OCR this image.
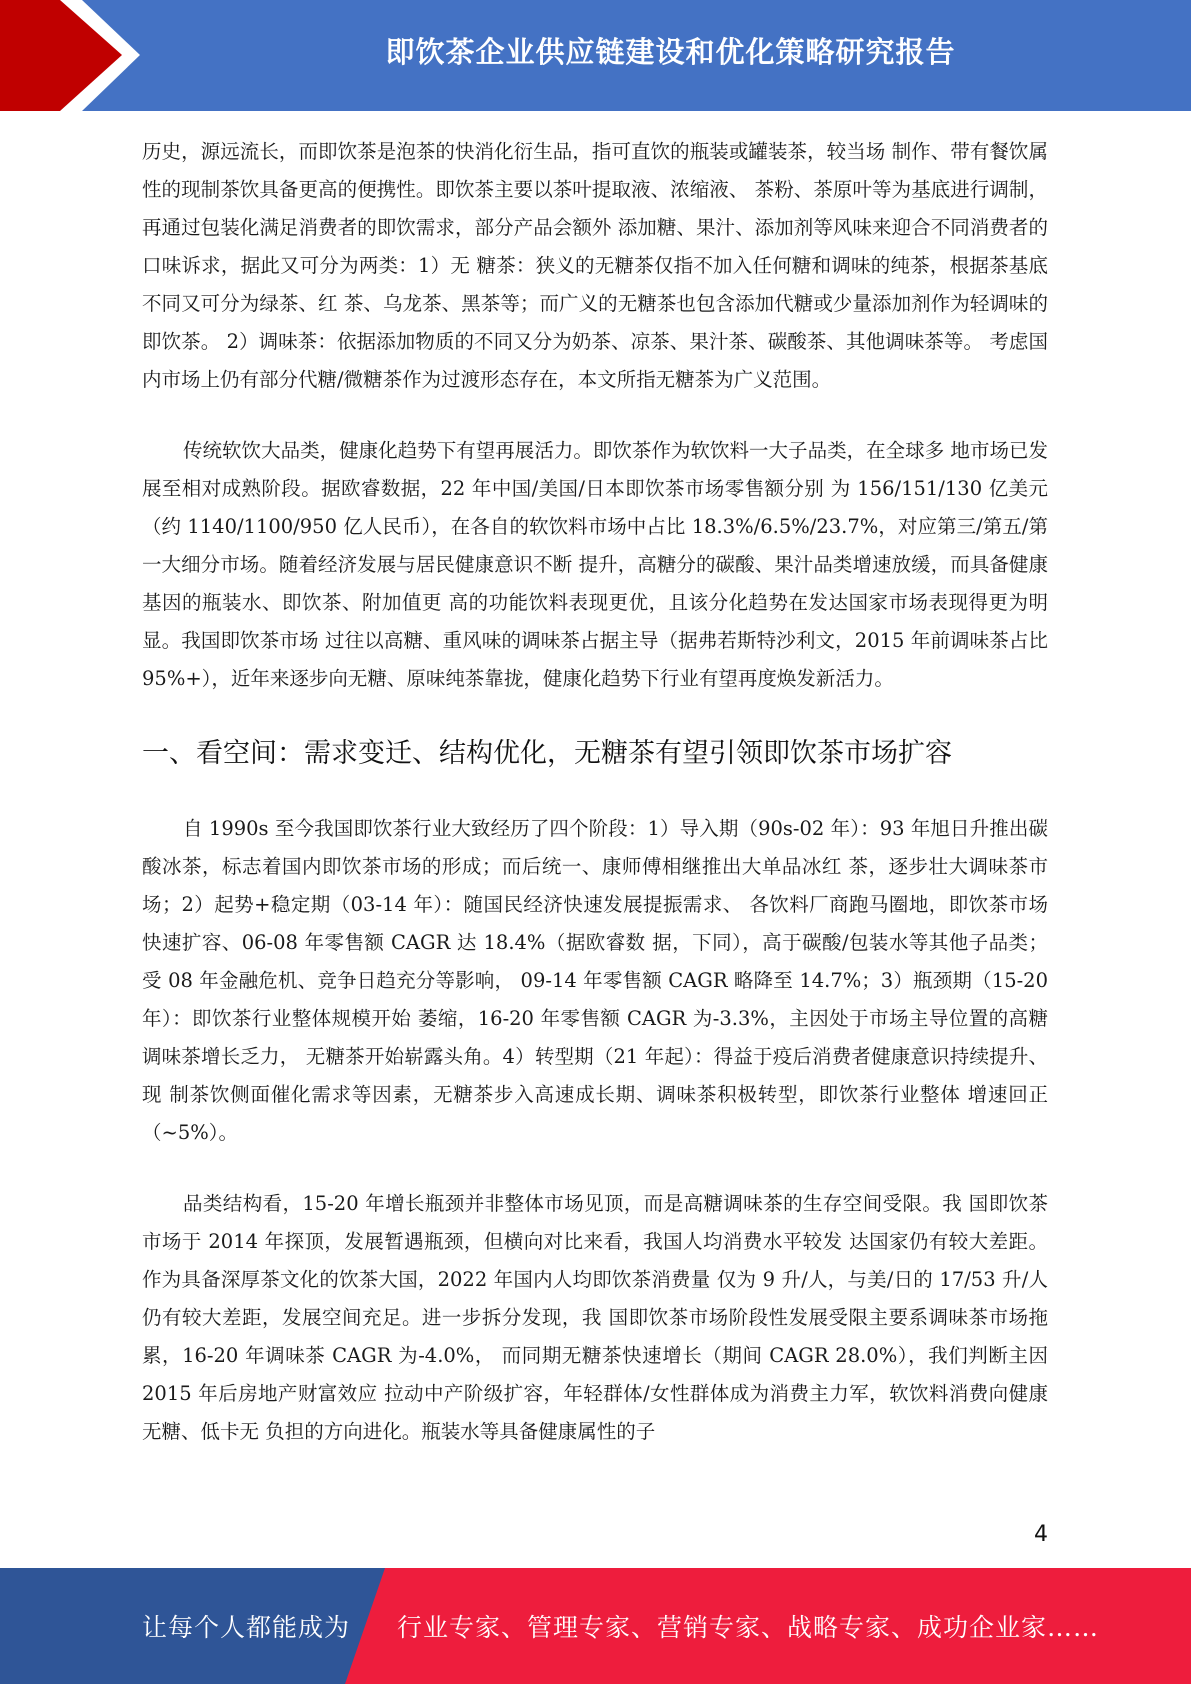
即饮茶企业供应链建设和优化策略研究报告

历史，源远流长，而即饮茶是泡茶的快消化衍生品，指可直饮的瓶装或罐装茶，较当场 制作、带有餐饮属性的现制茶饮具备更高的便携性。即饮茶主要以茶叶提取液、浓缩液、 茶粉、茶原叶等为基底进行调制，再通过包装化满足消费者的即饮需求，部分产品会额外 添加糖、果汁、添加剂等风味来迎合不同消费者的口味诉求，据此又可分为两类：1）无 糖茶：狭义的无糖茶仅指不加入任何糖和调味的纯茶，根据茶基底不同又可分为绿茶、红 茶、乌龙茶、黑茶等；而广义的无糖茶也包含添加代糖或少量添加剂作为轻调味的即饮茶。 2）调味茶：依据添加物质的不同又分为奶茶、凉茶、果汁茶、碳酸茶、其他调味茶等。 考虑国内市场上仍有部分代糖/微糖茶作为过渡形态存在，本文所指无糖茶为广义范围。

传统软饮大品类，健康化趋势下有望再展活力。即饮茶作为软饮料一大子品类，在全球多 地市场已发展至相对成熟阶段。据欧睿数据，22 年中国/美国/日本即饮茶市场零售额分别 为 156/151/130 亿美元（约 1140/1100/950 亿人民币），在各自的软饮料市场中占比 18.3%/6.5%/23.7%，对应第三/第五/第一大细分市场。随着经济发展与居民健康意识不断 提升，高糖分的碳酸、果汁品类增速放缓，而具备健康基因的瓶装水、即饮茶、附加值更 高的功能饮料表现更优，且该分化趋势在发达国家市场表现得更为明显。我国即饮茶市场 过往以高糖、重风味的调味茶占据主导（据弗若斯特沙利文，2015 年前调味茶占比 95%+），近年来逐步向无糖、原味纯茶靠拢，健康化趋势下行业有望再度焕发新活力。

一、看空间：需求变迁、结构优化，无糖茶有望引领即饮茶市场扩容

自 1990s 至今我国即饮茶行业大致经历了四个阶段：1）导入期（90s-02 年）：93 年旭日升推出碳酸冰茶，标志着国内即饮茶市场的形成；而后统一、康师傅相继推出大单品冰红 茶，逐步壮大调味茶市场；2）起势+稳定期（03-14 年）：随国民经济快速发展提振需求、 各饮料厂商跑马圈地，即饮茶市场快速扩容、06-08 年零售额 CAGR 达 18.4%（据欧睿数 据，下同），高于碳酸/包装水等其他子品类；受 08 年金融危机、竞争日趋充分等影响， 09-14 年零售额 CAGR 略降至 14.7%；3）瓶颈期（15-20 年）：即饮茶行业整体规模开始 萎缩，16-20 年零售额 CAGR 为-3.3%，主因处于市场主导位置的高糖调味茶增长乏力， 无糖茶开始崭露头角。4）转型期（21 年起）：得益于疫后消费者健康意识持续提升、现 制茶饮侧面催化需求等因素，无糖茶步入高速成长期、调味茶积极转型，即饮茶行业整体 增速回正（~5%）。

品类结构看，15-20 年增长瓶颈并非整体市场见顶，而是高糖调味茶的生存空间受限。我 国即饮茶市场于 2014 年探顶，发展暂遇瓶颈，但横向对比来看，我国人均消费水平较发 达国家仍有较大差距。作为具备深厚茶文化的饮茶大国，2022 年国内人均即饮茶消费量 仅为 9 升/人，与美/日的 17/53 升/人仍有较大差距，发展空间充足。进一步拆分发现，我 国即饮茶市场阶段性发展受限主要系调味茶市场拖累，16-20 年调味茶 CAGR 为-4.0%， 而同期无糖茶快速增长（期间 CAGR 28.0%），我们判断主因 2015 年后房地产财富效应 拉动中产阶级扩容，年轻群体/女性群体成为消费主力军，软饮料消费向健康无糖、低卡无 负担的方向进化。瓶装水等具备健康属性的子

4
让每个人都能成为 行业专家、管理专家、营销专家、战略专家、成功企业家……
